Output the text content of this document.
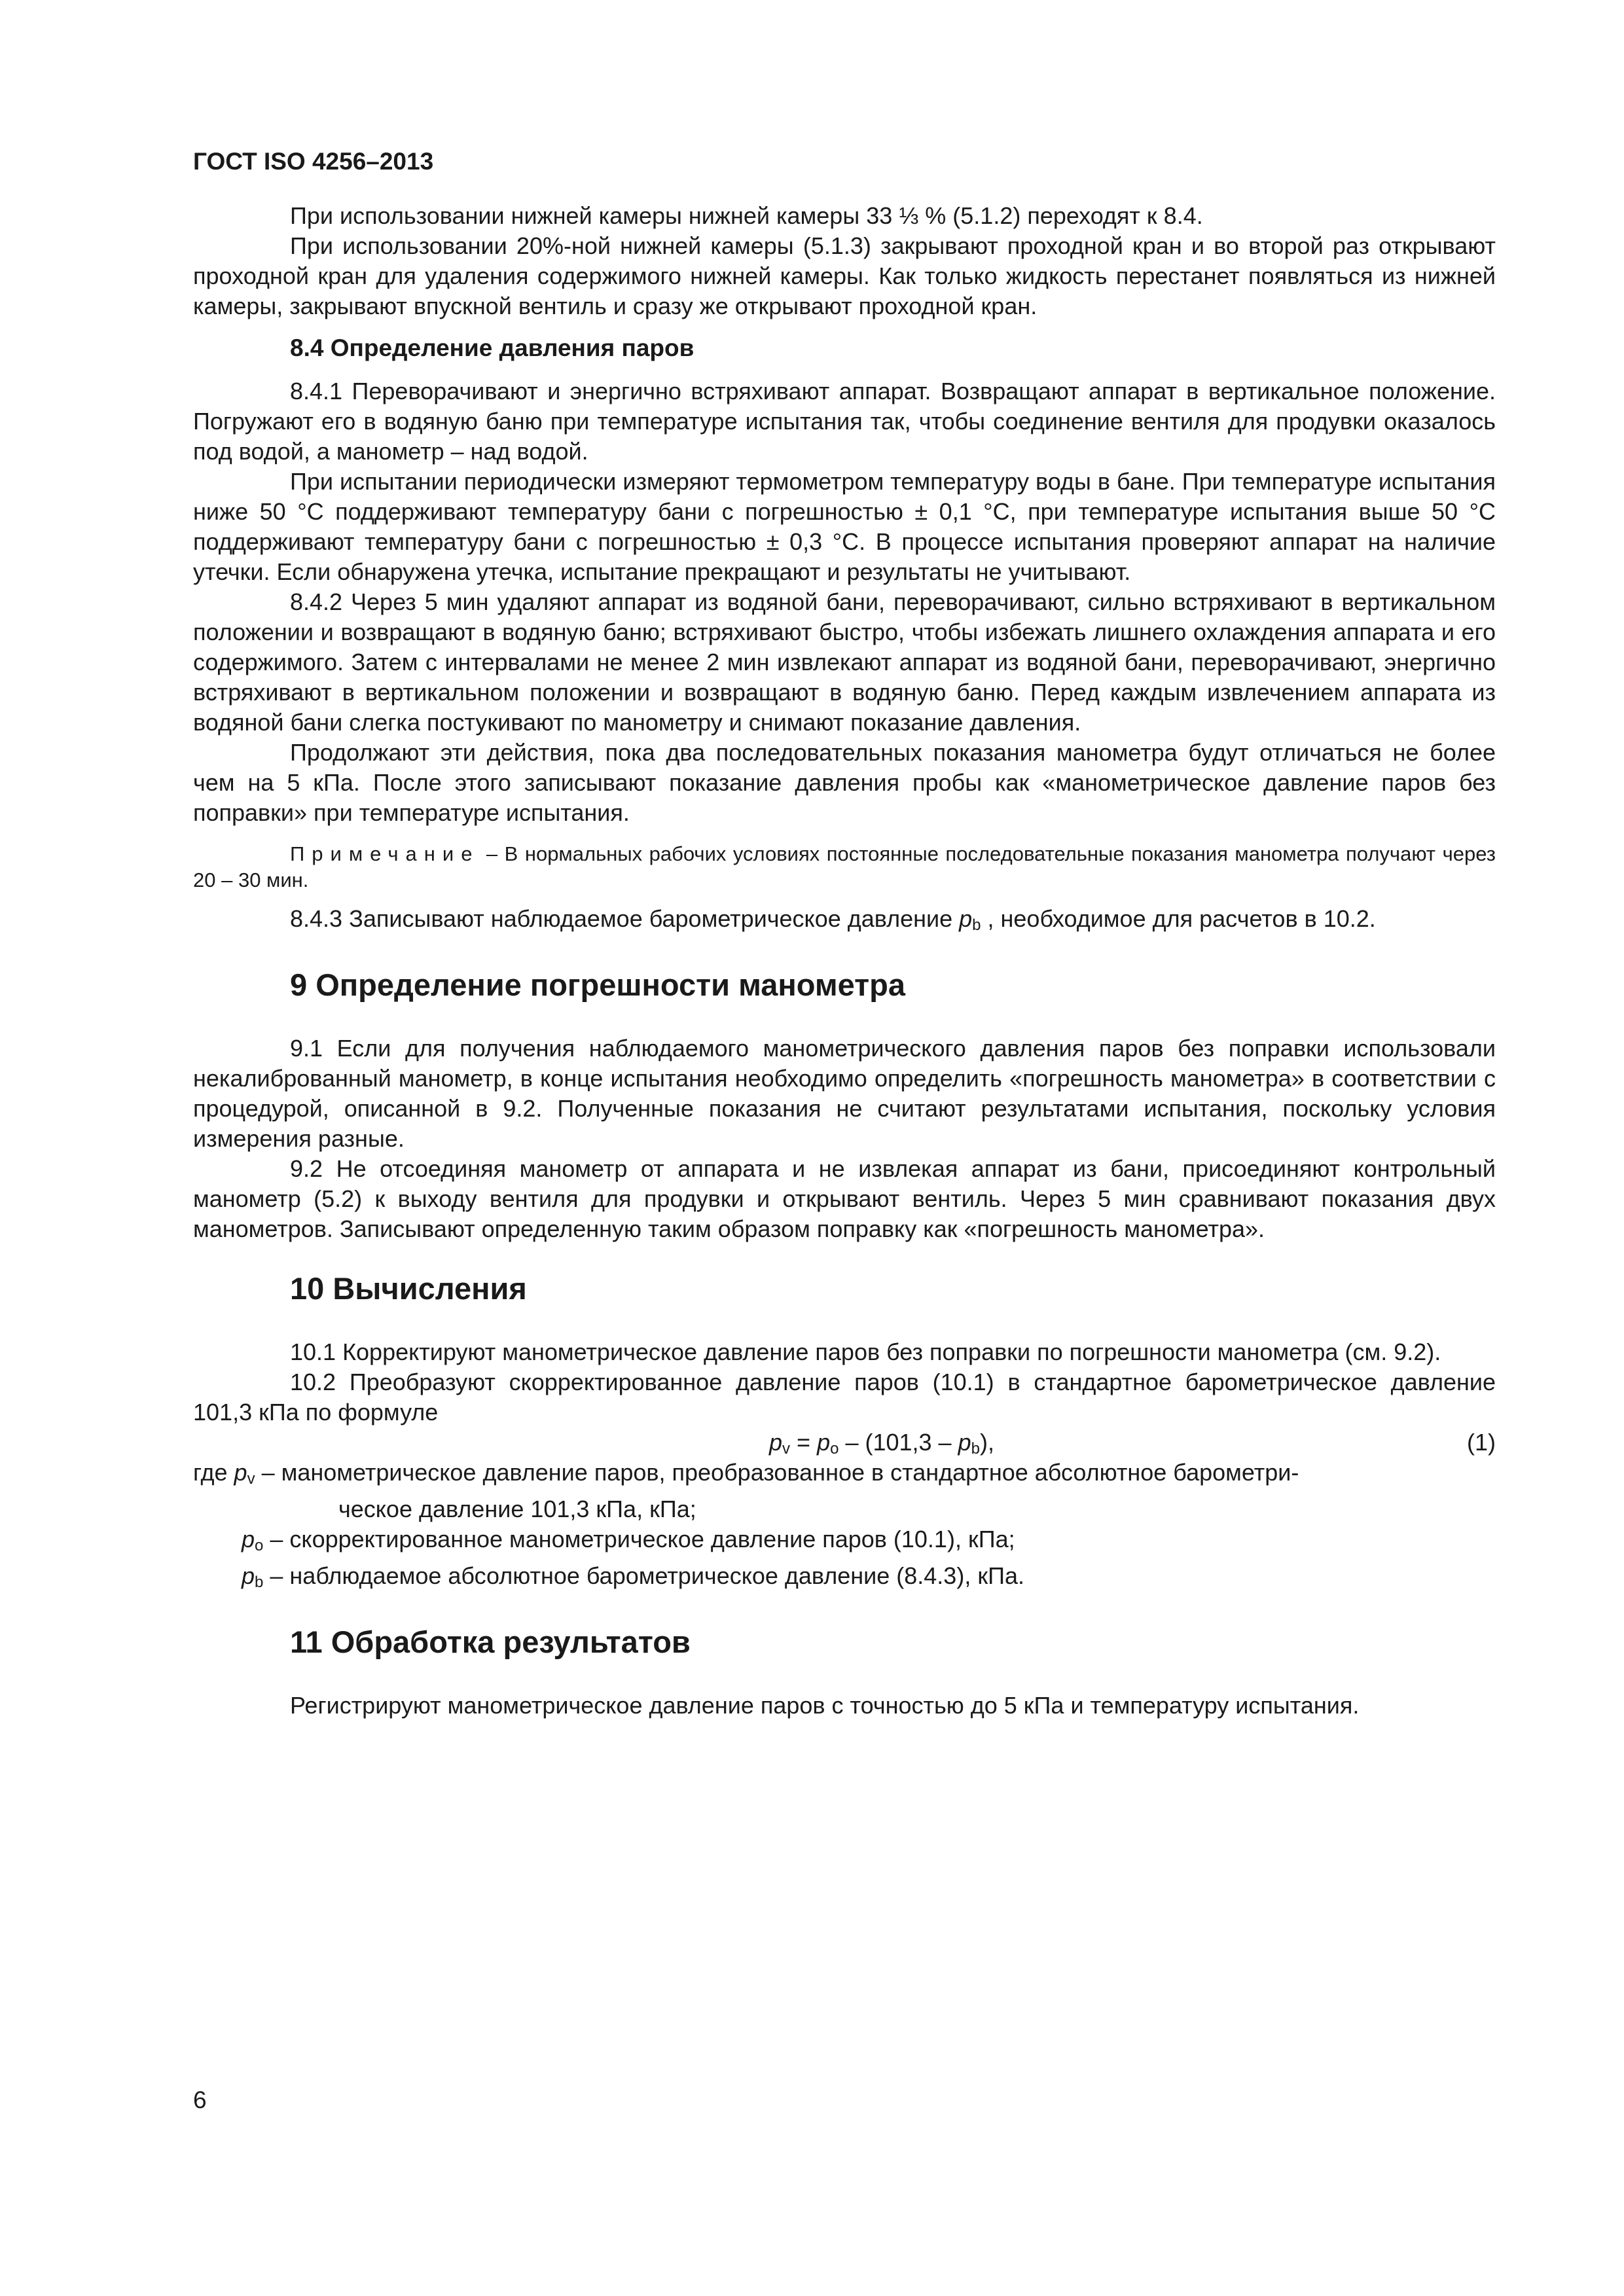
ГОСТ ISO 4256–2013

При использовании нижней камеры нижней камеры 33 ⅓ % (5.1.2) переходят к 8.4.

При использовании 20%-ной нижней камеры (5.1.3) закрывают проходной кран и во второй раз открывают проходной кран для удаления содержимого нижней камеры. Как только жидкость перестанет появляться из нижней камеры, закрывают впускной вентиль и сразу же открывают проходной кран.

8.4 Определение давления паров

8.4.1 Переворачивают и энергично встряхивают аппарат. Возвращают аппарат в вертикальное положение. Погружают его в водяную баню при температуре испытания так, чтобы соединение вентиля для продувки оказалось под водой, а манометр – над водой.

При испытании периодически измеряют термометром температуру воды в бане. При температуре испытания ниже 50 °С поддерживают температуру бани с погрешностью ± 0,1 °С, при температуре испытания выше 50 °С поддерживают температуру бани с погрешностью ± 0,3 °С. В процессе испытания проверяют аппарат на наличие утечки. Если обнаружена утечка, испытание прекращают и результаты не учитывают.

8.4.2 Через 5 мин удаляют аппарат из водяной бани, переворачивают, сильно встряхивают в вертикальном положении и возвращают в водяную баню; встряхивают быстро, чтобы избежать лишнего охлаждения аппарата и его содержимого. Затем с интервалами не менее 2 мин извлекают аппарат из водяной бани, переворачивают, энергично встряхивают в вертикальном положении и возвращают в водяную баню. Перед каждым извлечением аппарата из водяной бани слегка постукивают по манометру и снимают показание давления.

Продолжают эти действия, пока два последовательных показания манометра будут отличаться не более чем на 5 кПа. После этого записывают показание давления пробы как «манометрическое давление паров без поправки» при температуре испытания.

Примечание – В нормальных рабочих условиях постоянные последовательные показания манометра получают через 20 – 30 мин.

8.4.3 Записывают наблюдаемое барометрическое давление pb , необходимое для расчетов в 10.2.

9 Определение погрешности манометра

9.1 Если для получения наблюдаемого манометрического давления паров без поправки использовали некалиброванный манометр, в конце испытания необходимо определить «погрешность манометра» в соответствии с процедурой, описанной в 9.2. Полученные показания не считают результатами испытания, поскольку условия измерения разные.

9.2 Не отсоединяя манометр от аппарата и не извлекая аппарат из бани, присоединяют контрольный манометр (5.2) к выходу вентиля для продувки и открывают вентиль. Через 5 мин сравнивают показания двух манометров. Записывают определенную таким образом поправку как «погрешность манометра».

10 Вычисления

10.1 Корректируют манометрическое давление паров без поправки по погрешности манометра (см. 9.2).

10.2 Преобразуют скорректированное давление паров (10.1) в стандартное барометрическое давление 101,3 кПа по формуле

pv = po – (101,3 – pb),	(1)
где pv – манометрическое давление паров, преобразованное в стандартное абсолютное барометри-
ческое давление 101,3 кПа, кПа;
po – скорректированное манометрическое давление паров (10.1), кПа;
pb – наблюдаемое абсолютное барометрическое давление (8.4.3), кПа.
11 Обработка результатов

Регистрируют манометрическое давление паров с точностью до 5 кПа и температуру испытания.

6
